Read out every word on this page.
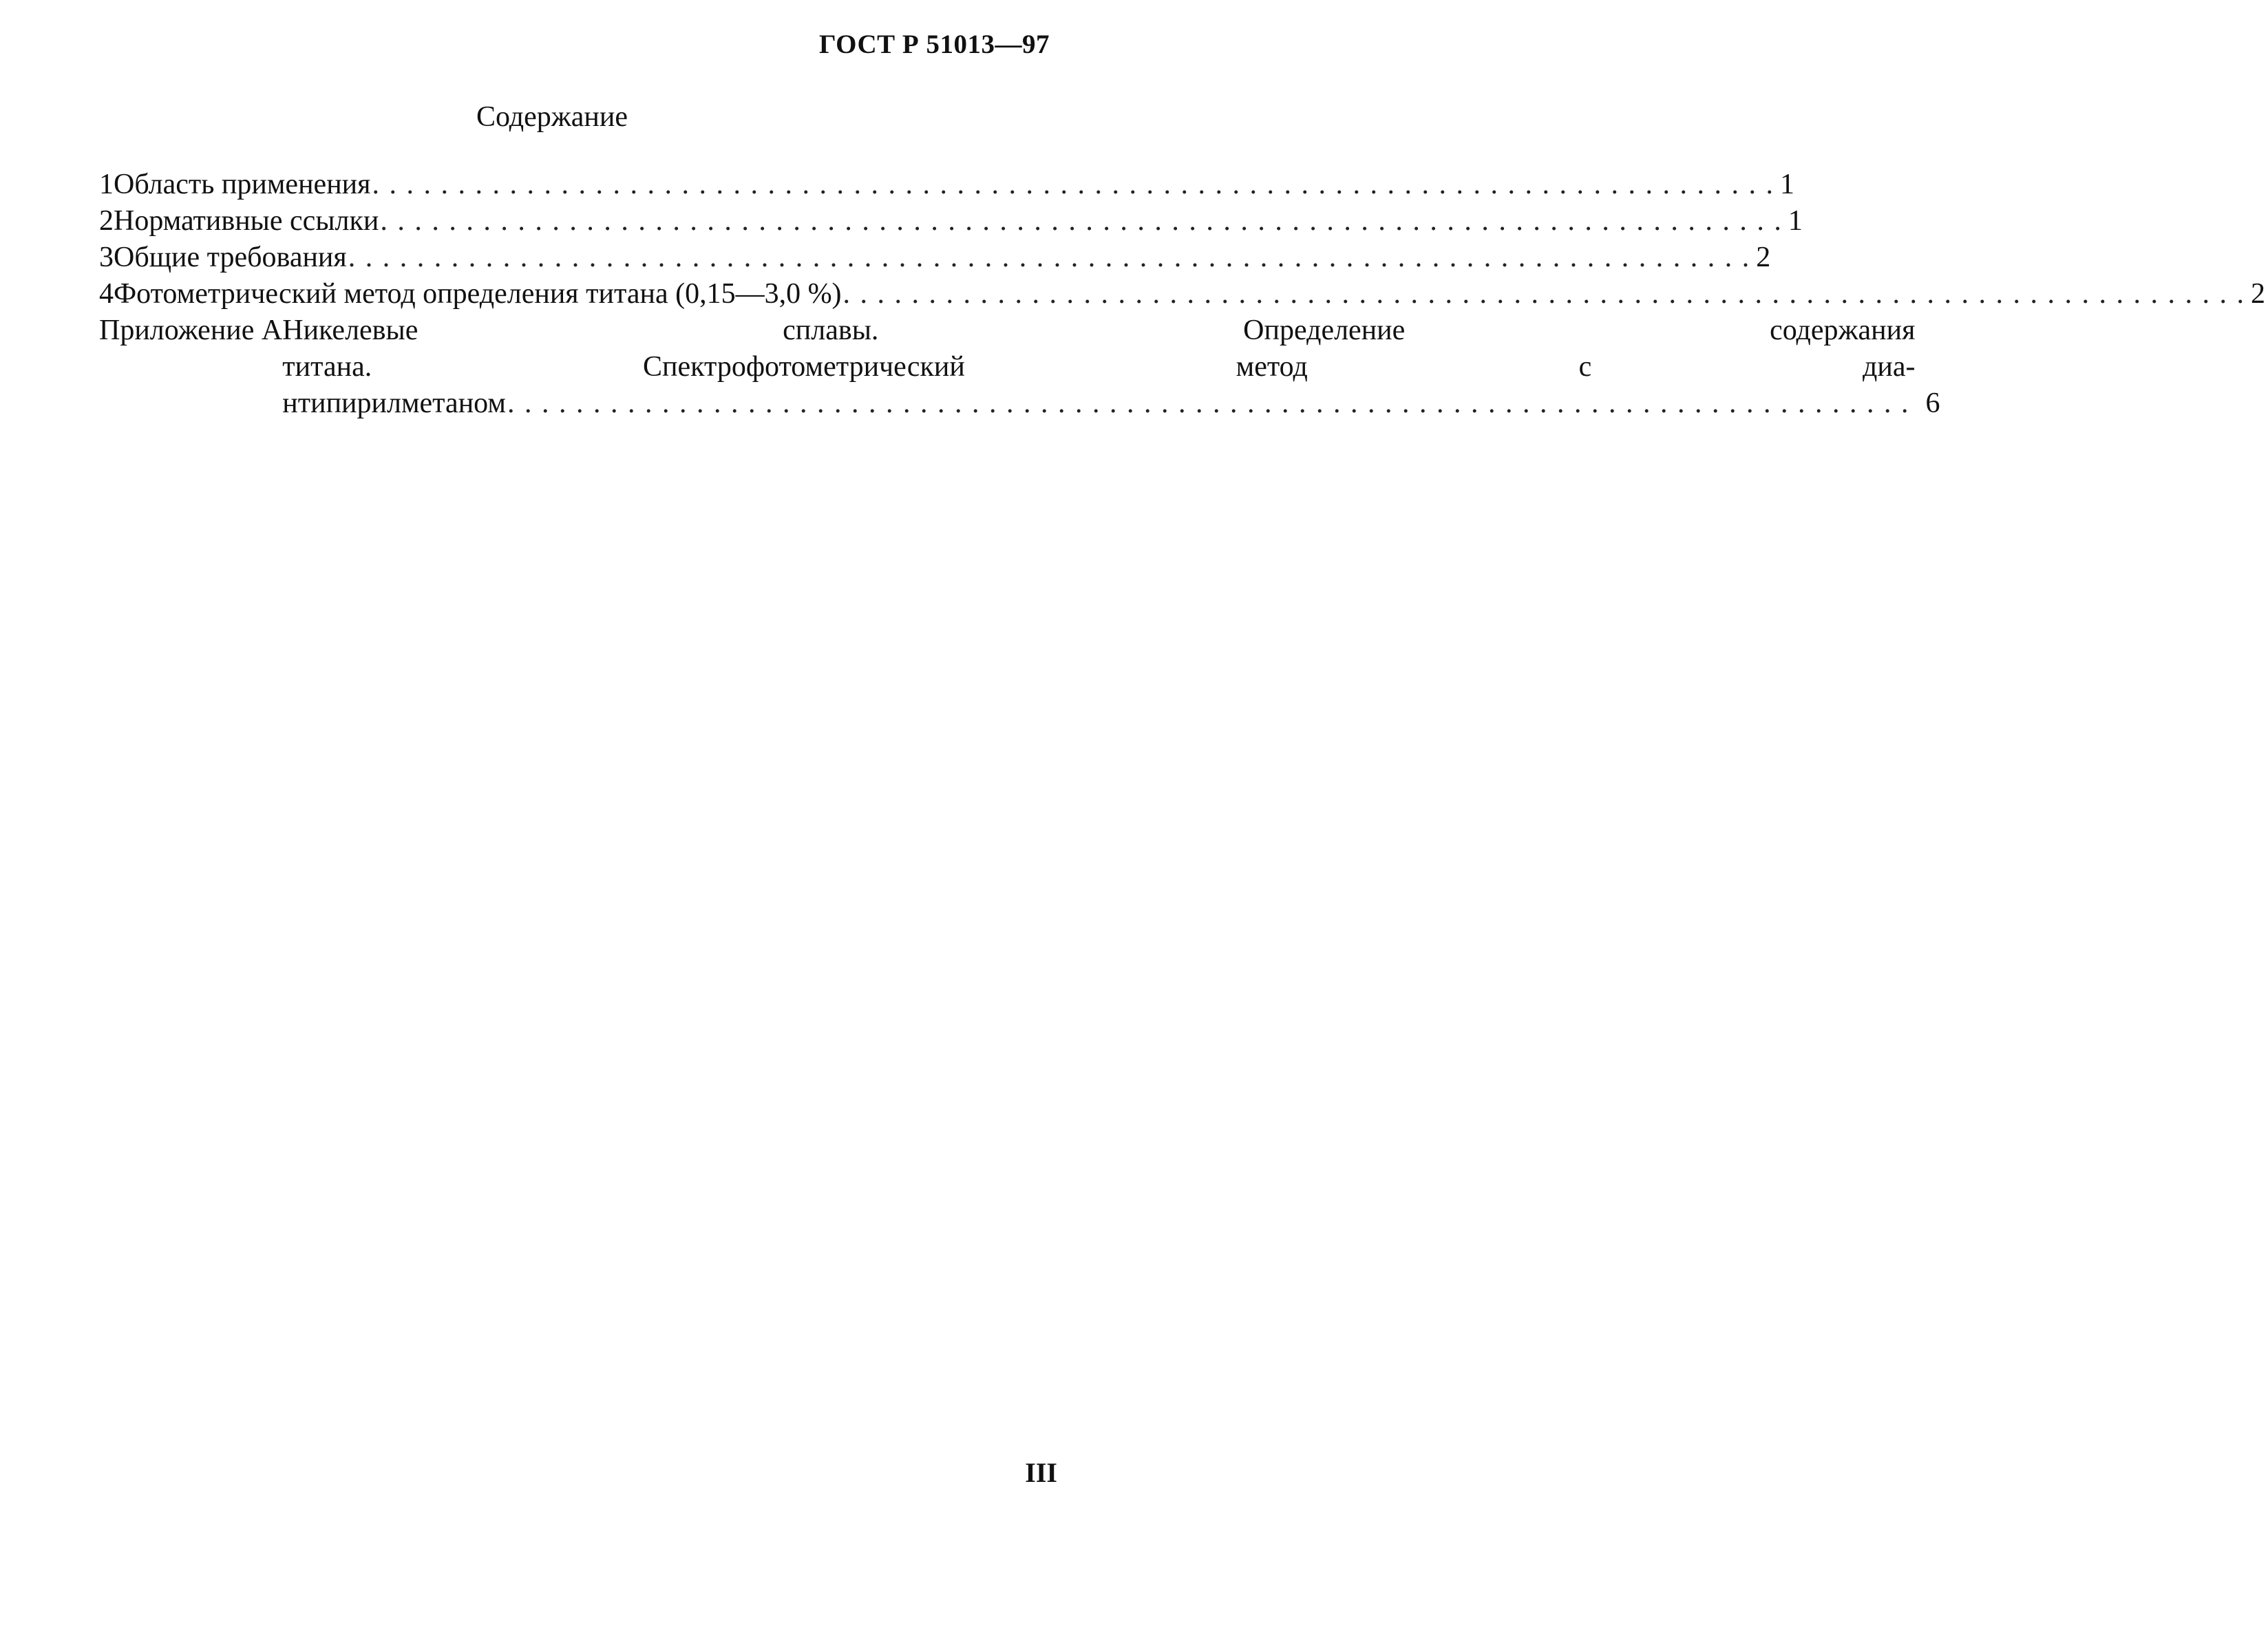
ГОСТ Р 51013—97
Содержание
1 Область применения . . .	1
2 Нормативные ссылки . . .	1
3 Общие требования . . .	2
4 Фотометрический метод определения титана (0,15—3,0 %) . . .	2
Приложение А Никелевые сплавы. Определение содержания
титана. Спектрофотометрический метод с диа-
нтипирилметаном . . .	6
III
